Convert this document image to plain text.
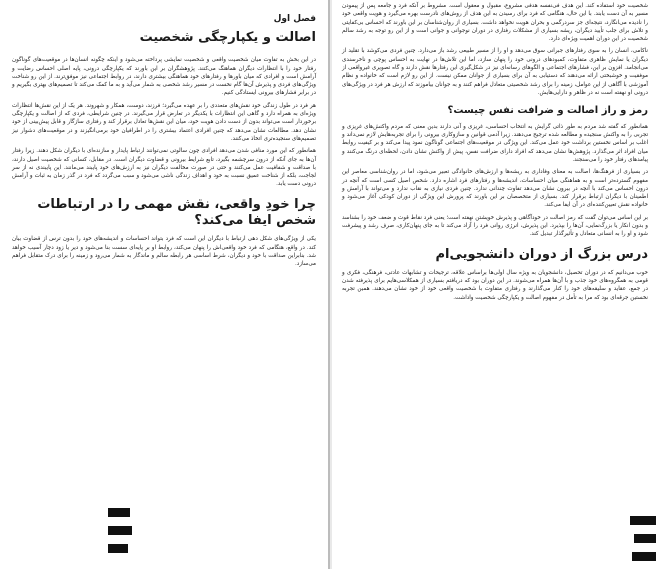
فصل اول
اصالت و یکپارچگی شخصیت

در این بخش به تفاوت میان شخصیت واقعی و شخصیت نمایشی پرداخته می‌شود و اینکه چگونه انسان‌ها در موقعیت‌های گوناگون رفتار خود را با انتظارات دیگران هماهنگ می‌کنند. پژوهشگران بر این باورند که یکپارچگی درونی، پایه اصلی احساس رضایت و آرامش است و افرادی که میان باورها و رفتارهای خود هماهنگی بیشتری دارند، در روابط اجتماعی نیز موفق‌ترند. از این رو شناخت ویژگی‌های فردی و پذیرش آن‌ها گام نخست در مسیر رشد شخصی به شمار می‌آید و به ما کمک می‌کند تا تصمیم‌های بهتری بگیریم و در برابر فشارهای بیرونی ایستادگی کنیم.

هر فرد در طول زندگی خود نقش‌های متعددی را بر عهده می‌گیرد؛ فرزند، دوست، همکار و شهروند. هر یک از این نقش‌ها انتظارات ویژه‌ای به همراه دارد و گاهی این انتظارات با یکدیگر در تعارض قرار می‌گیرند. در چنین شرایطی، فردی که از اصالت و یکپارچگی برخوردار است می‌تواند بدون از دست دادن هویت خود، میان این نقش‌ها تعادل برقرار کند و رفتاری سازگار و قابل پیش‌بینی از خود نشان دهد. مطالعات نشان می‌دهد که چنین افرادی اعتماد بیشتری را در اطرافیان خود برمی‌انگیزند و در موقعیت‌های دشوار نیز تصمیم‌های سنجیده‌تری اتخاذ می‌کنند.

همانطور که این مورد منافی شدن می‌دهد افرادی چون سالوتی نمی‌توانند ارتباط پایدار و سازنده‌ای با دیگران شکل دهند. زیرا رفتار آن‌ها به جای آنکه از درون سرچشمه بگیرد، تابع شرایط بیرونی و قضاوت دیگران است. در مقابل، کسانی که شخصیت اصیل دارند، با صداقت و شفافیت عمل می‌کنند و حتی در صورت مخالفت دیگران نیز به ارزش‌های خود پایبند می‌مانند. این پایبندی نه از سر لجاجت، بلکه از شناخت عمیق نسبت به خود و اهداف زندگی ناشی می‌شود و سبب می‌گردد که فرد در گذر زمان به ثبات و آرامش درونی دست یابد.

چرا خودِ واقعی، نقش مهمی را در ارتباطات شخص ایفا می‌کند؟

یکی از ویژگی‌های شکل دهی ارتباط با دیگران این است که فرد بتواند احساسات و اندیشه‌های خود را بدون ترس از قضاوت بیان کند. در واقع، هنگامی که فرد خود واقعی‌اش را پنهان می‌کند، روابط او بر پایه‌ای سست بنا می‌شود و دیر یا زود دچار آسیب خواهد شد. بنابراین صداقت با خود و دیگران، شرط اساسی هر رابطه سالم و ماندگار به شمار می‌رود و زمینه را برای درک متقابل فراهم می‌سازد.

شخصیت خود استفاده کند. این هدف فی‌نفسه هدفی مشروع، مقبول و معقول است. مشروط بر آنکه فرد و جامعه پس از پیمودن مسیر به آن دست یابند. با این حال، هنگامی که فرد برای رسیدن به این هدف از روش‌های نادرست بهره می‌گیرد و هویت واقعی خود را نادیده می‌انگارد، نتیجه‌ای جز سردرگمی و بحران هویت نخواهد داشت. بسیاری از روان‌شناسان بر این باورند که احساس بی‌کفایتی و تلاش برای جلب تأیید دیگران، ریشه بسیاری از مشکلات رفتاری در دوران نوجوانی و جوانی است و از این رو توجه به رشد سالم شخصیت در این دوران اهمیت ویژه‌ای دارد.

ناکامی، انسان را به سوی رفتارهای جبرانی سوق می‌دهد و او را از مسیر طبیعی رشد باز می‌دارد. چنین فردی می‌کوشد با تقلید از دیگران یا نمایش ظاهری متفاوت، کمبودهای درونی خود را پنهان سازد، اما این تلاش‌ها در نهایت به احساس پوچی و ناخرسندی می‌انجامد. افزون بر این، فشارهای اجتماعی و الگوهای رسانه‌ای نیز در شکل‌گیری این رفتارها نقش دارند و گاه تصویری غیرواقعی از موفقیت و خوشبختی ارائه می‌دهند که دستیابی به آن برای بسیاری از جوانان ممکن نیست. از این رو لازم است که خانواده و نظام آموزشی با آگاهی از این عوامل، زمینه را برای رشد شخصیتی متعادل فراهم کنند و به جوانان بیاموزند که ارزش هر فرد در ویژگی‌های درونی او نهفته است نه در ظاهر و دارایی‌هایش.

رمز و راز اصالت و ضرافت نفس چیست؟

همانطور که گفته شد مردم به طور ذاتی گرایش به انتخاب احساسی، غریزی و آنی دارند بدین معنی که مردم واکنش‌های غریزی و تجربی را به واکنش سنجیده و مطالعه شده ترجیح می‌دهند. زیرا آدمی قوانین و سازوکاری بیرونی را برای تجربه‌هایش لازم نمی‌داند و اغلب بر اساس نخستین برداشت خود عمل می‌کند. این ویژگی در موقعیت‌های اجتماعی گوناگون نمود پیدا می‌کند و بر کیفیت روابط میان افراد اثر می‌گذارد. پژوهش‌ها نشان می‌دهد که افراد دارای ضرافت نفس، پیش از واکنش نشان دادن، لحظه‌ای درنگ می‌کنند و پیامدهای رفتار خود را می‌سنجند.

در بسیاری از فرهنگ‌ها، اصالت به معنای وفاداری به ریشه‌ها و ارزش‌های خانوادگی تعبیر می‌شود، اما در روان‌شناسی معاصر این مفهوم گسترده‌تر است و به هماهنگی میان احساسات، اندیشه‌ها و رفتارهای فرد اشاره دارد. شخص اصیل کسی است که آنچه در درون احساس می‌کند با آنچه در بیرون نشان می‌دهد تفاوت چندانی ندارد. چنین فردی نیازی به نقاب ندارد و می‌تواند با آرامش و اطمینان با دیگران ارتباط برقرار کند. بسیاری از متخصصان بر این باورند که پرورش این ویژگی از دوران کودکی آغاز می‌شود و خانواده نقش تعیین‌کننده‌ای در آن ایفا می‌کند.

بر این اساس می‌توان گفت که رمز اصالت در خودآگاهی و پذیرش خویشتن نهفته است؛ یعنی فرد نقاط قوت و ضعف خود را بشناسد و بدون انکار یا بزرگ‌نمایی، آن‌ها را بپذیرد. این پذیرش، انرژی روانی فرد را آزاد می‌کند تا به جای پنهان‌کاری، صرف رشد و پیشرفت شود و او را به انسانی متعادل و تأثیرگذار تبدیل کند.

درس بزرگ از دوران دانشجویی‌ام

خوب می‌دانیم که در دوران تحصیل، دانشجویان به ویژه سال اولی‌ها براساس علاقه، ترجیحات و تشابهات عادتی، فرهنگی، فکری و قومی به همگروه‌های خود جذب و با آن‌ها همراه می‌شوند. در این دوران بود که دریافتم بسیاری از همکلاسی‌هایم برای پذیرفته شدن در جمع، عقاید و سلیقه‌های خود را کنار می‌گذارند و رفتاری متفاوت با شخصیت واقعی خود از خود نشان می‌دهند. همین تجربه نخستین جرقه‌ای بود که مرا به تأمل در مفهوم اصالت و یکپارچگی شخصیت واداشت.
